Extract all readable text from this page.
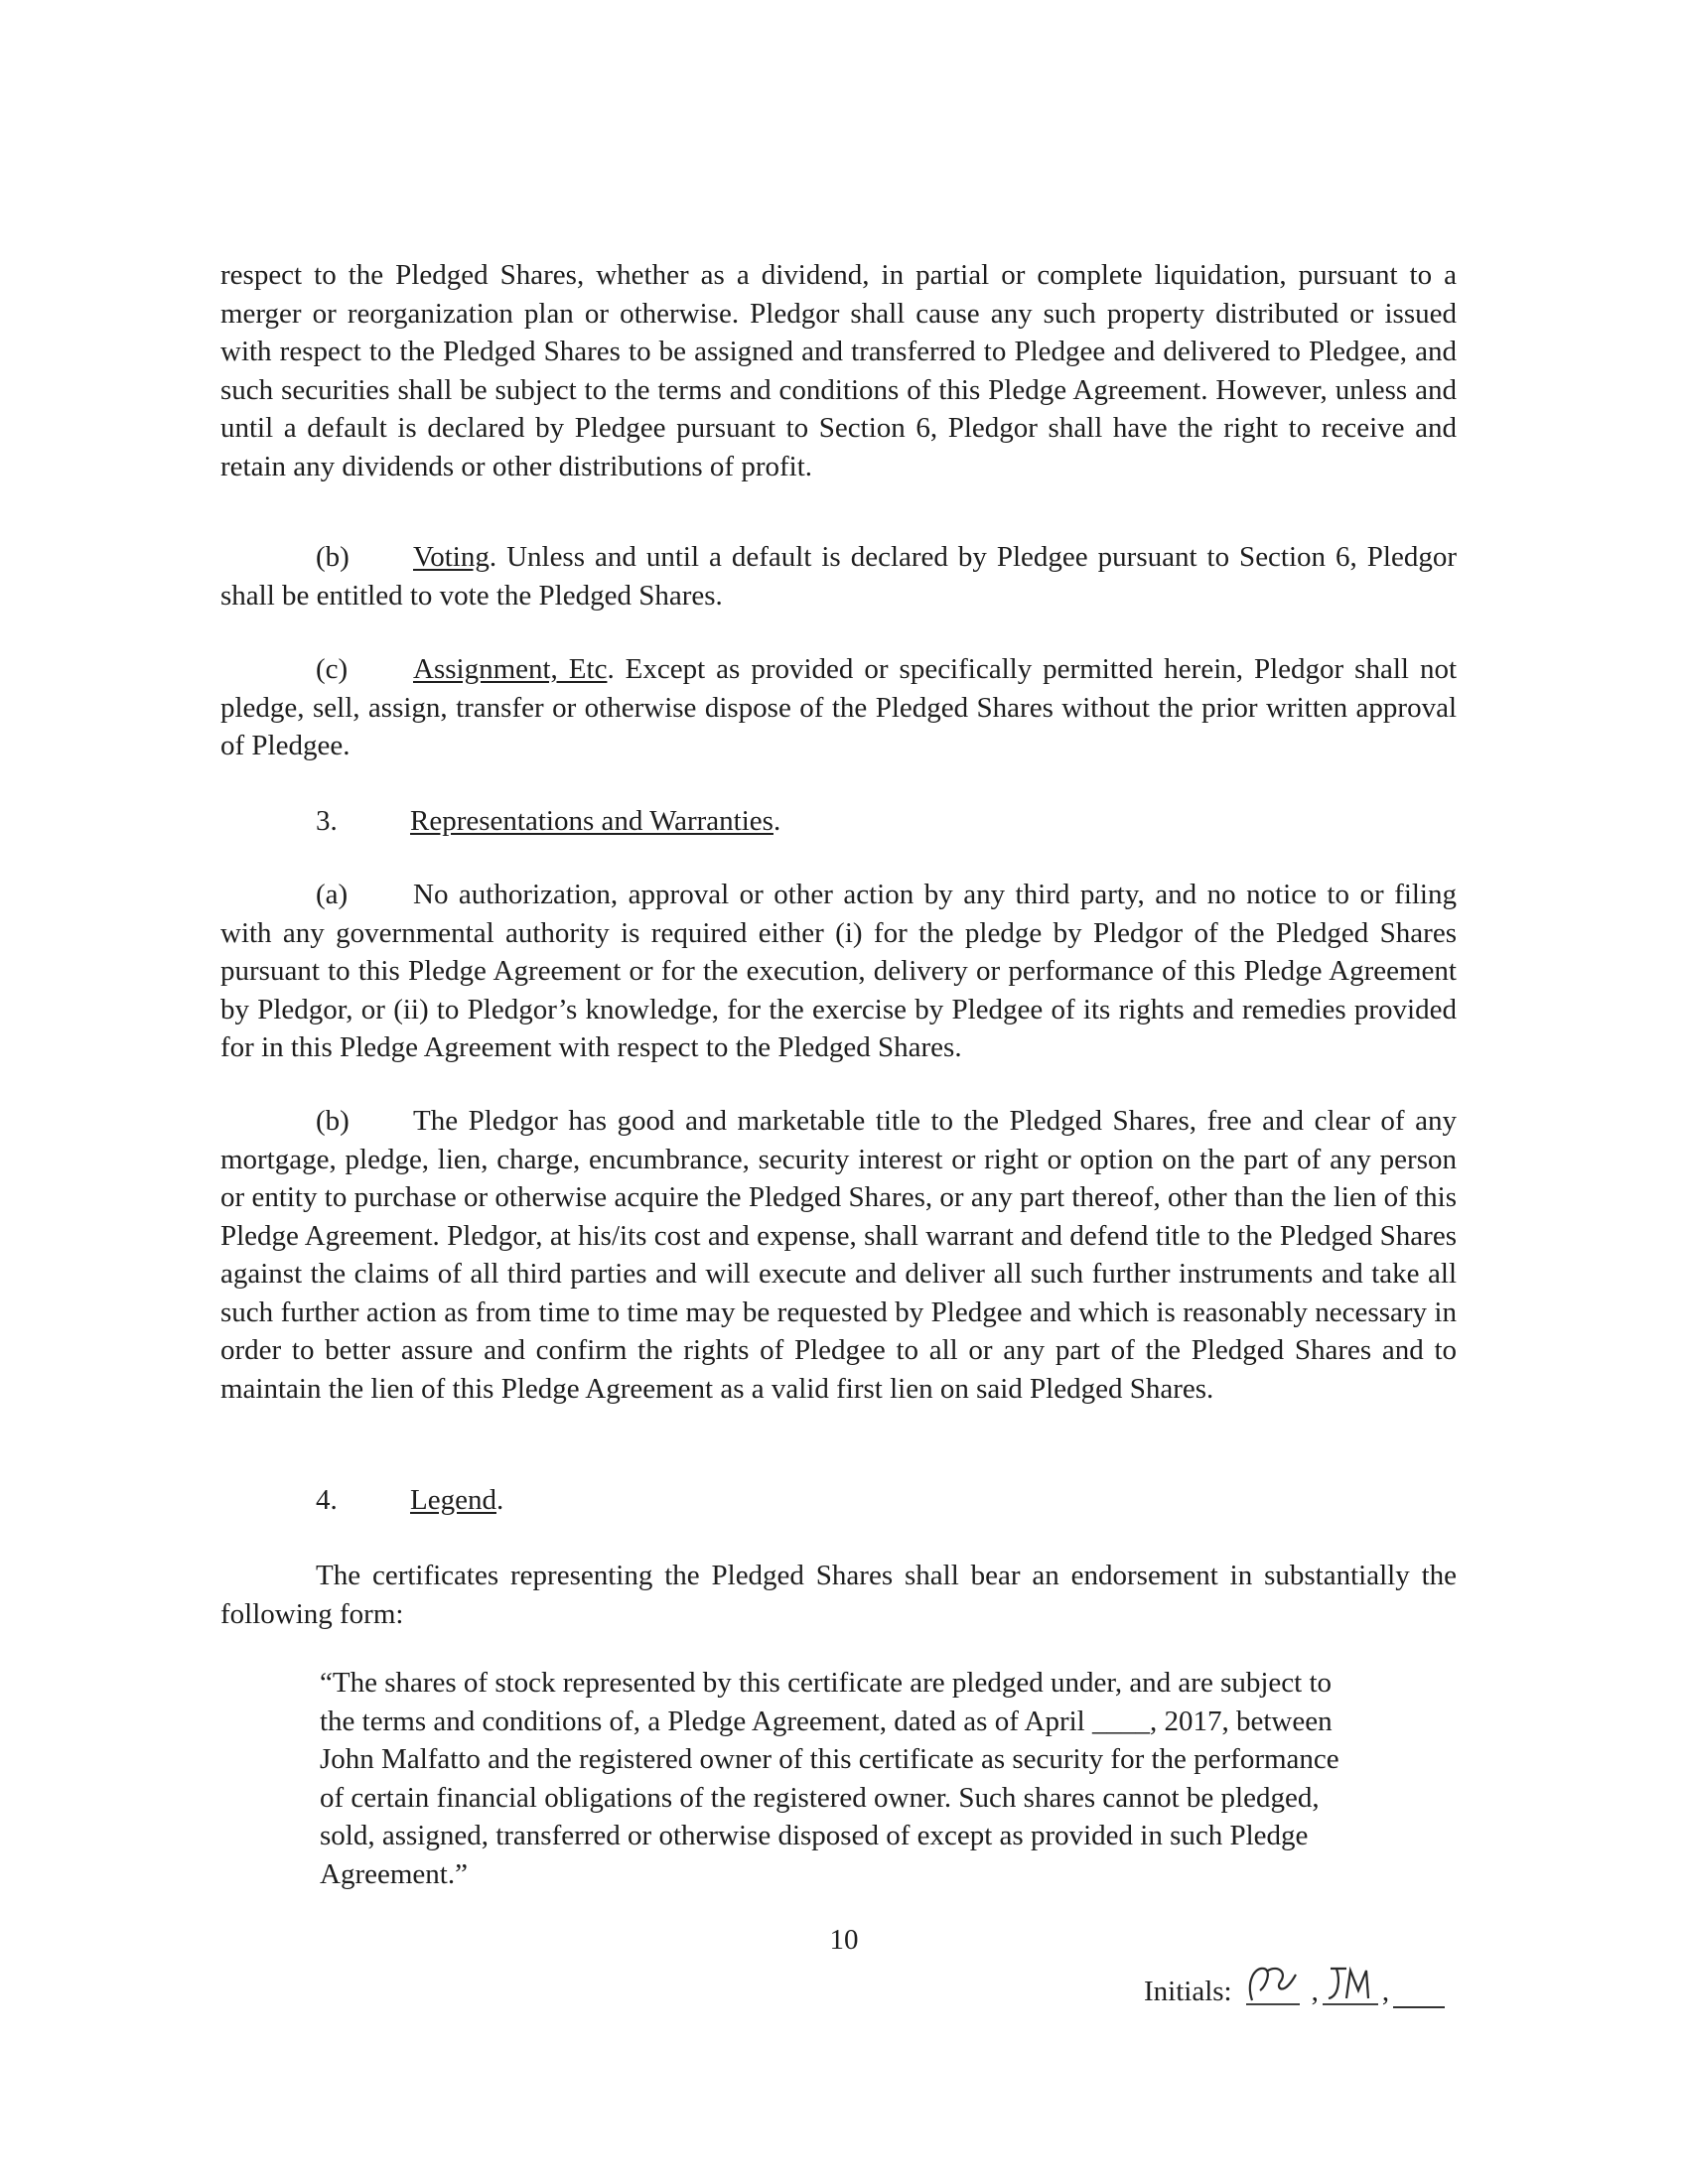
respect to the Pledged Shares, whether as a dividend, in partial or complete liquidation, pursuant to a merger or reorganization plan or otherwise. Pledgor shall cause any such property distributed or issued with respect to the Pledged Shares to be assigned and transferred to Pledgee and delivered to Pledgee, and such securities shall be subject to the terms and conditions of this Pledge Agreement. However, unless and until a default is declared by Pledgee pursuant to Section 6, Pledgor shall have the right to receive and retain any dividends or other distributions of profit.

(b) Voting. Unless and until a default is declared by Pledgee pursuant to Section 6, Pledgor shall be entitled to vote the Pledged Shares.

(c) Assignment, Etc. Except as provided or specifically permitted herein, Pledgor shall not pledge, sell, assign, transfer or otherwise dispose of the Pledged Shares without the prior written approval of Pledgee.

3.	Representations and Warranties.

(a) No authorization, approval or other action by any third party, and no notice to or filing with any governmental authority is required either (i) for the pledge by Pledgor of the Pledged Shares pursuant to this Pledge Agreement or for the execution, delivery or performance of this Pledge Agreement by Pledgor, or (ii) to Pledgor’s knowledge, for the exercise by Pledgee of its rights and remedies provided for in this Pledge Agreement with respect to the Pledged Shares.

(b) The Pledgor has good and marketable title to the Pledged Shares, free and clear of any mortgage, pledge, lien, charge, encumbrance, security interest or right or option on the part of any person or entity to purchase or otherwise acquire the Pledged Shares, or any part thereof, other than the lien of this Pledge Agreement. Pledgor, at his/its cost and expense, shall warrant and defend title to the Pledged Shares against the claims of all third parties and will execute and deliver all such further instruments and take all such further action as from time to time may be requested by Pledgee and which is reasonably necessary in order to better assure and confirm the rights of Pledgee to all or any part of the Pledged Shares and to maintain the lien of this Pledge Agreement as a valid first lien on said Pledged Shares.

4.	Legend.

The certificates representing the Pledged Shares shall bear an endorsement in substantially the following form:

“The shares of stock represented by this certificate are pledged under, and are subject to the terms and conditions of, a Pledge Agreement, dated as of April ____, 2017, between John Malfatto and the registered owner of this certificate as security for the performance of certain financial obligations of the registered owner. Such shares cannot be pledged, sold, assigned, transferred or otherwise disposed of except as provided in such Pledge Agreement.”

10
Initials:	, ,
